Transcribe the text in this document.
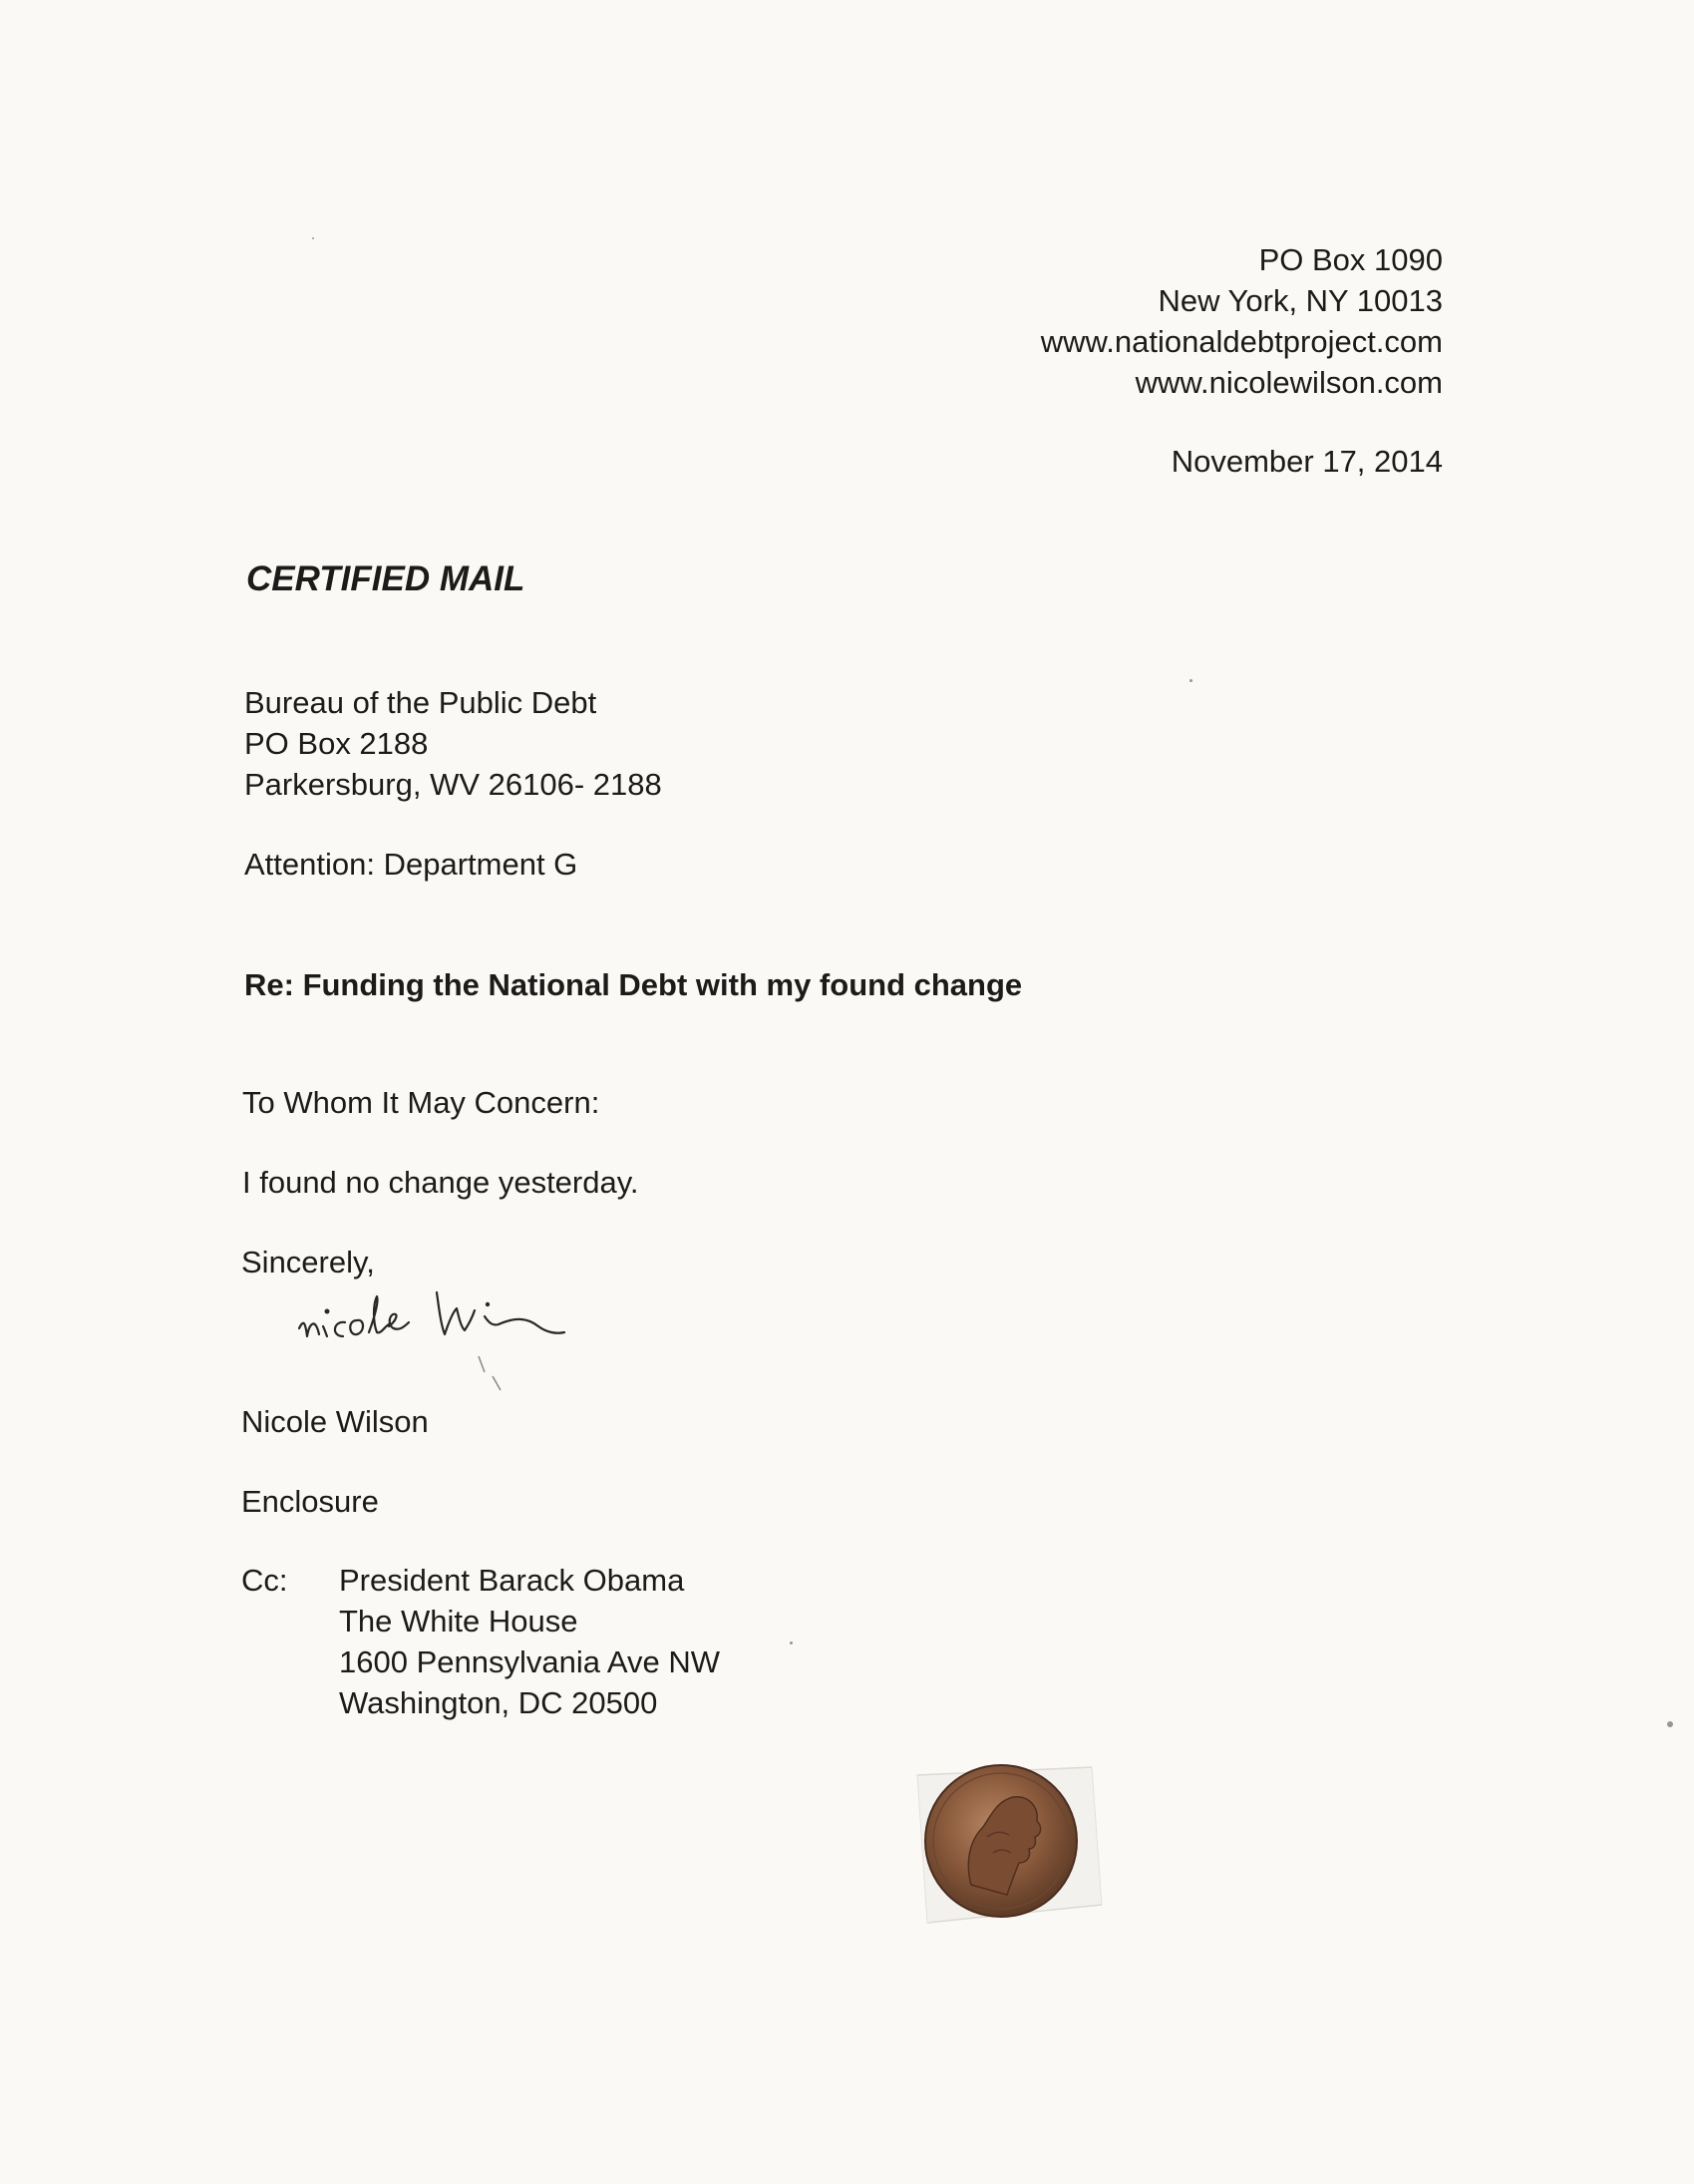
PO Box 1090
New York, NY 10013
www.nationaldebtproject.com
www.nicolewilson.com
November 17, 2014
CERTIFIED MAIL
Bureau of the Public Debt
PO Box 2188
Parkersburg, WV 26106- 2188
Attention: Department G
Re: Funding the National Debt with my found change
To Whom It May Concern:
I found no change yesterday.
Sincerely,
Nicole Wilson
Enclosure
Cc: President Barack Obama
The White House
1600 Pennsylvania Ave NW
Washington, DC 20500
